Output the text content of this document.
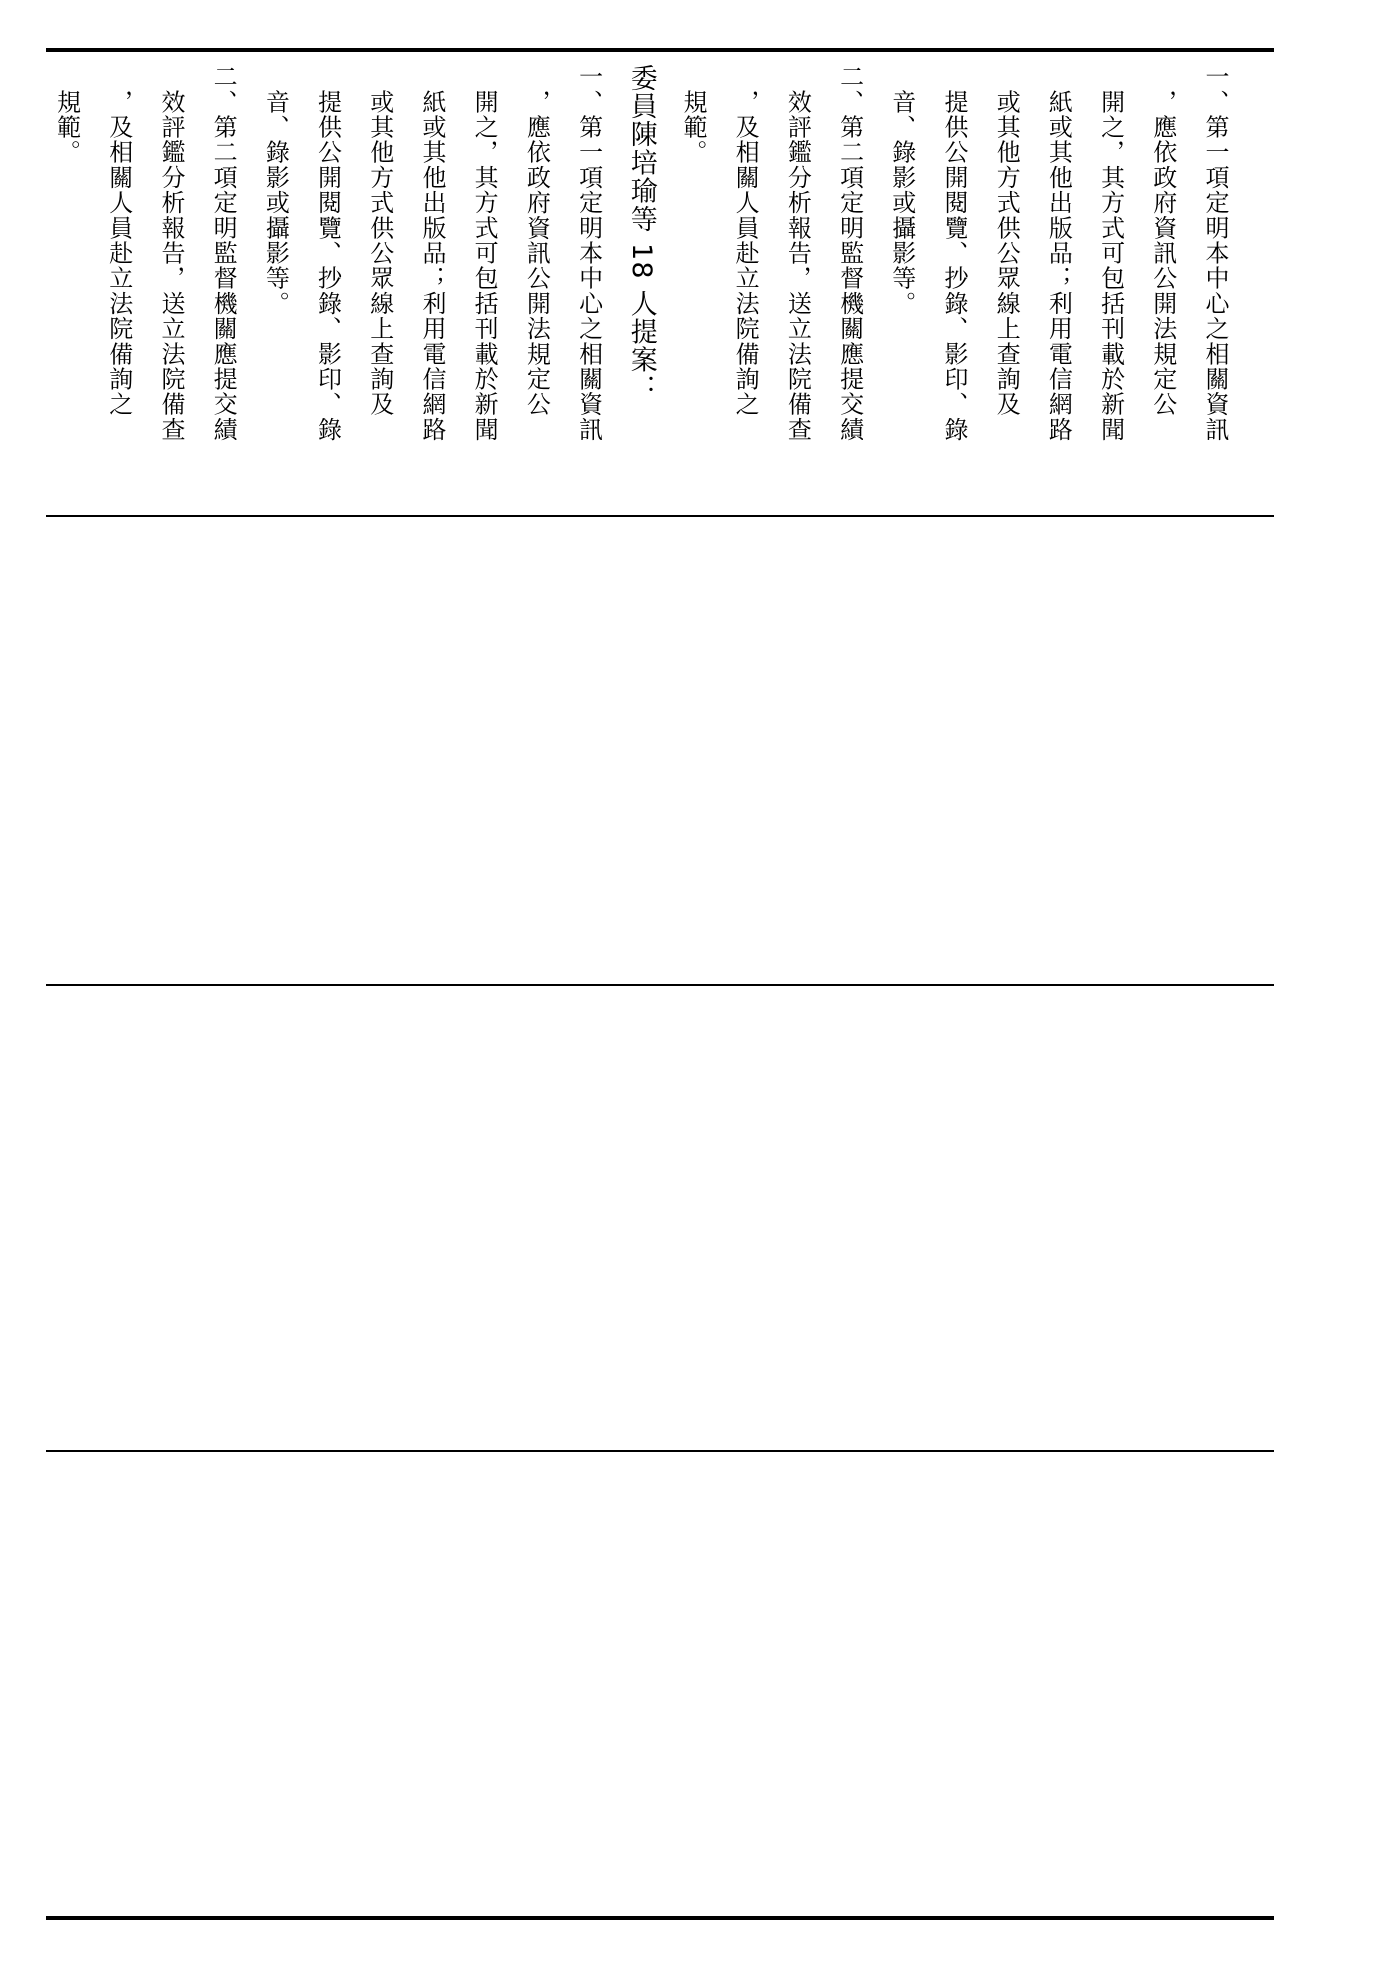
一、第一項定明本中心之相關資訊
　，應依政府資訊公開法規定公
　開之，其方式可包括刊載於新聞
　紙或其他出版品；利用電信網路
　或其他方式供公眾線上查詢及
　提供公開閱覽、抄錄、影印、錄
　音、錄影或攝影等。
二、第二項定明監督機關應提交績
　效評鑑分析報告，送立法院備查
　，及相關人員赴立法院備詢之
　規範。
委員陳培瑜等 18 人提案：
一、第一項定明本中心之相關資訊
　，應依政府資訊公開法規定公
　開之，其方式可包括刊載於新聞
　紙或其他出版品；利用電信網路
　或其他方式供公眾線上查詢及
　提供公開閱覽、抄錄、影印、錄
　音、錄影或攝影等。
二、第二項定明監督機關應提交績
　效評鑑分析報告，送立法院備查
　，及相關人員赴立法院備詢之
　規範。
